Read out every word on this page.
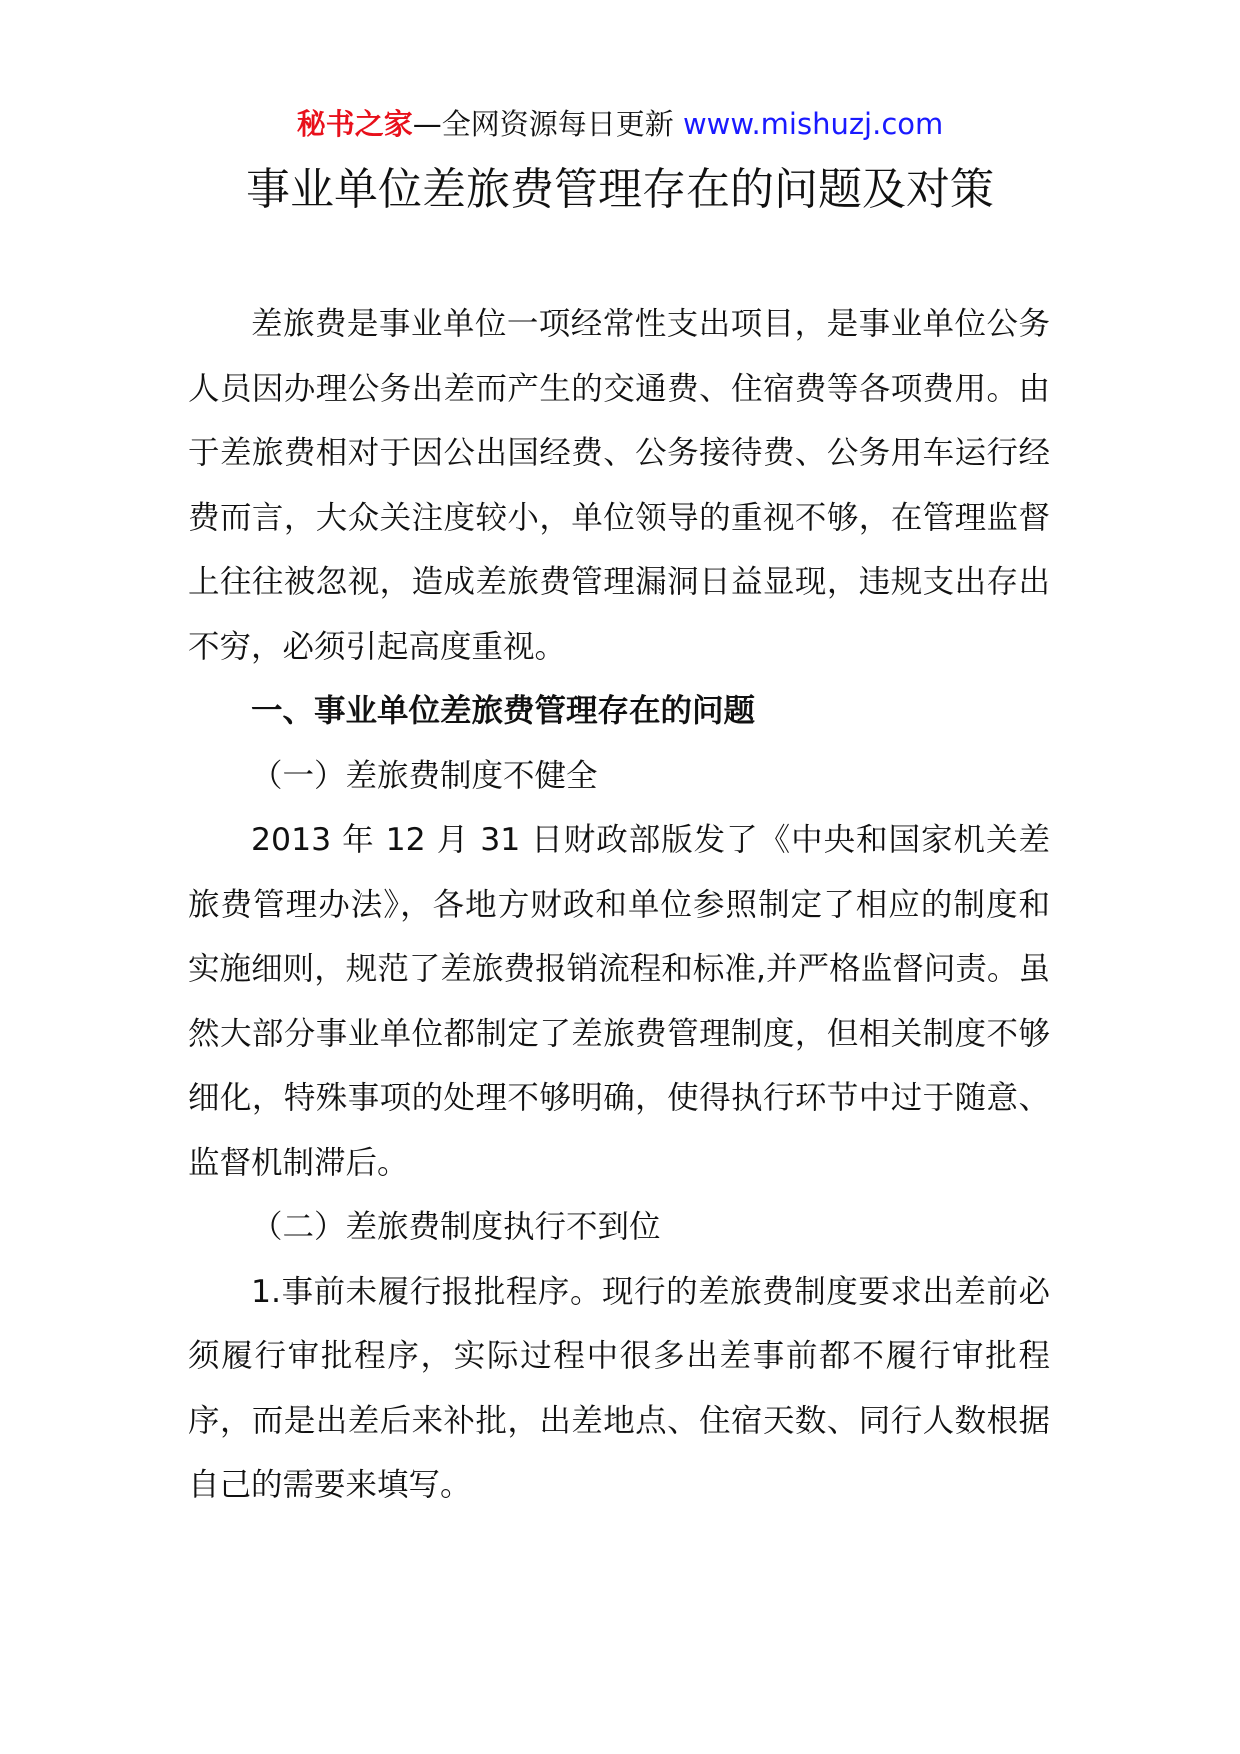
秘书之家—全网资源每日更新 www.mishuzj.com
事业单位差旅费管理存在的问题及对策

差旅费是事业单位一项经常性支出项目，是事业单位公务人员因办理公务出差而产生的交通费、住宿费等各项费用。由于差旅费相对于因公出国经费、公务接待费、公务用车运行经费而言，大众关注度较小，单位领导的重视不够，在管理监督上往往被忽视，造成差旅费管理漏洞日益显现，违规支出存出不穷，必须引起高度重视。

一、事业单位差旅费管理存在的问题

（一）差旅费制度不健全

2013 年 12 月 31 日财政部版发了《中央和国家机关差旅费管理办法》，各地方财政和单位参照制定了相应的制度和实施细则，规范了差旅费报销流程和标准,并严格监督问责。虽然大部分事业单位都制定了差旅费管理制度，但相关制度不够细化，特殊事项的处理不够明确，使得执行环节中过于随意、监督机制滞后。

（二）差旅费制度执行不到位

1.事前未履行报批程序。现行的差旅费制度要求出差前必须履行审批程序，实际过程中很多出差事前都不履行审批程序，而是出差后来补批，出差地点、住宿天数、同行人数根据自己的需要来填写。
